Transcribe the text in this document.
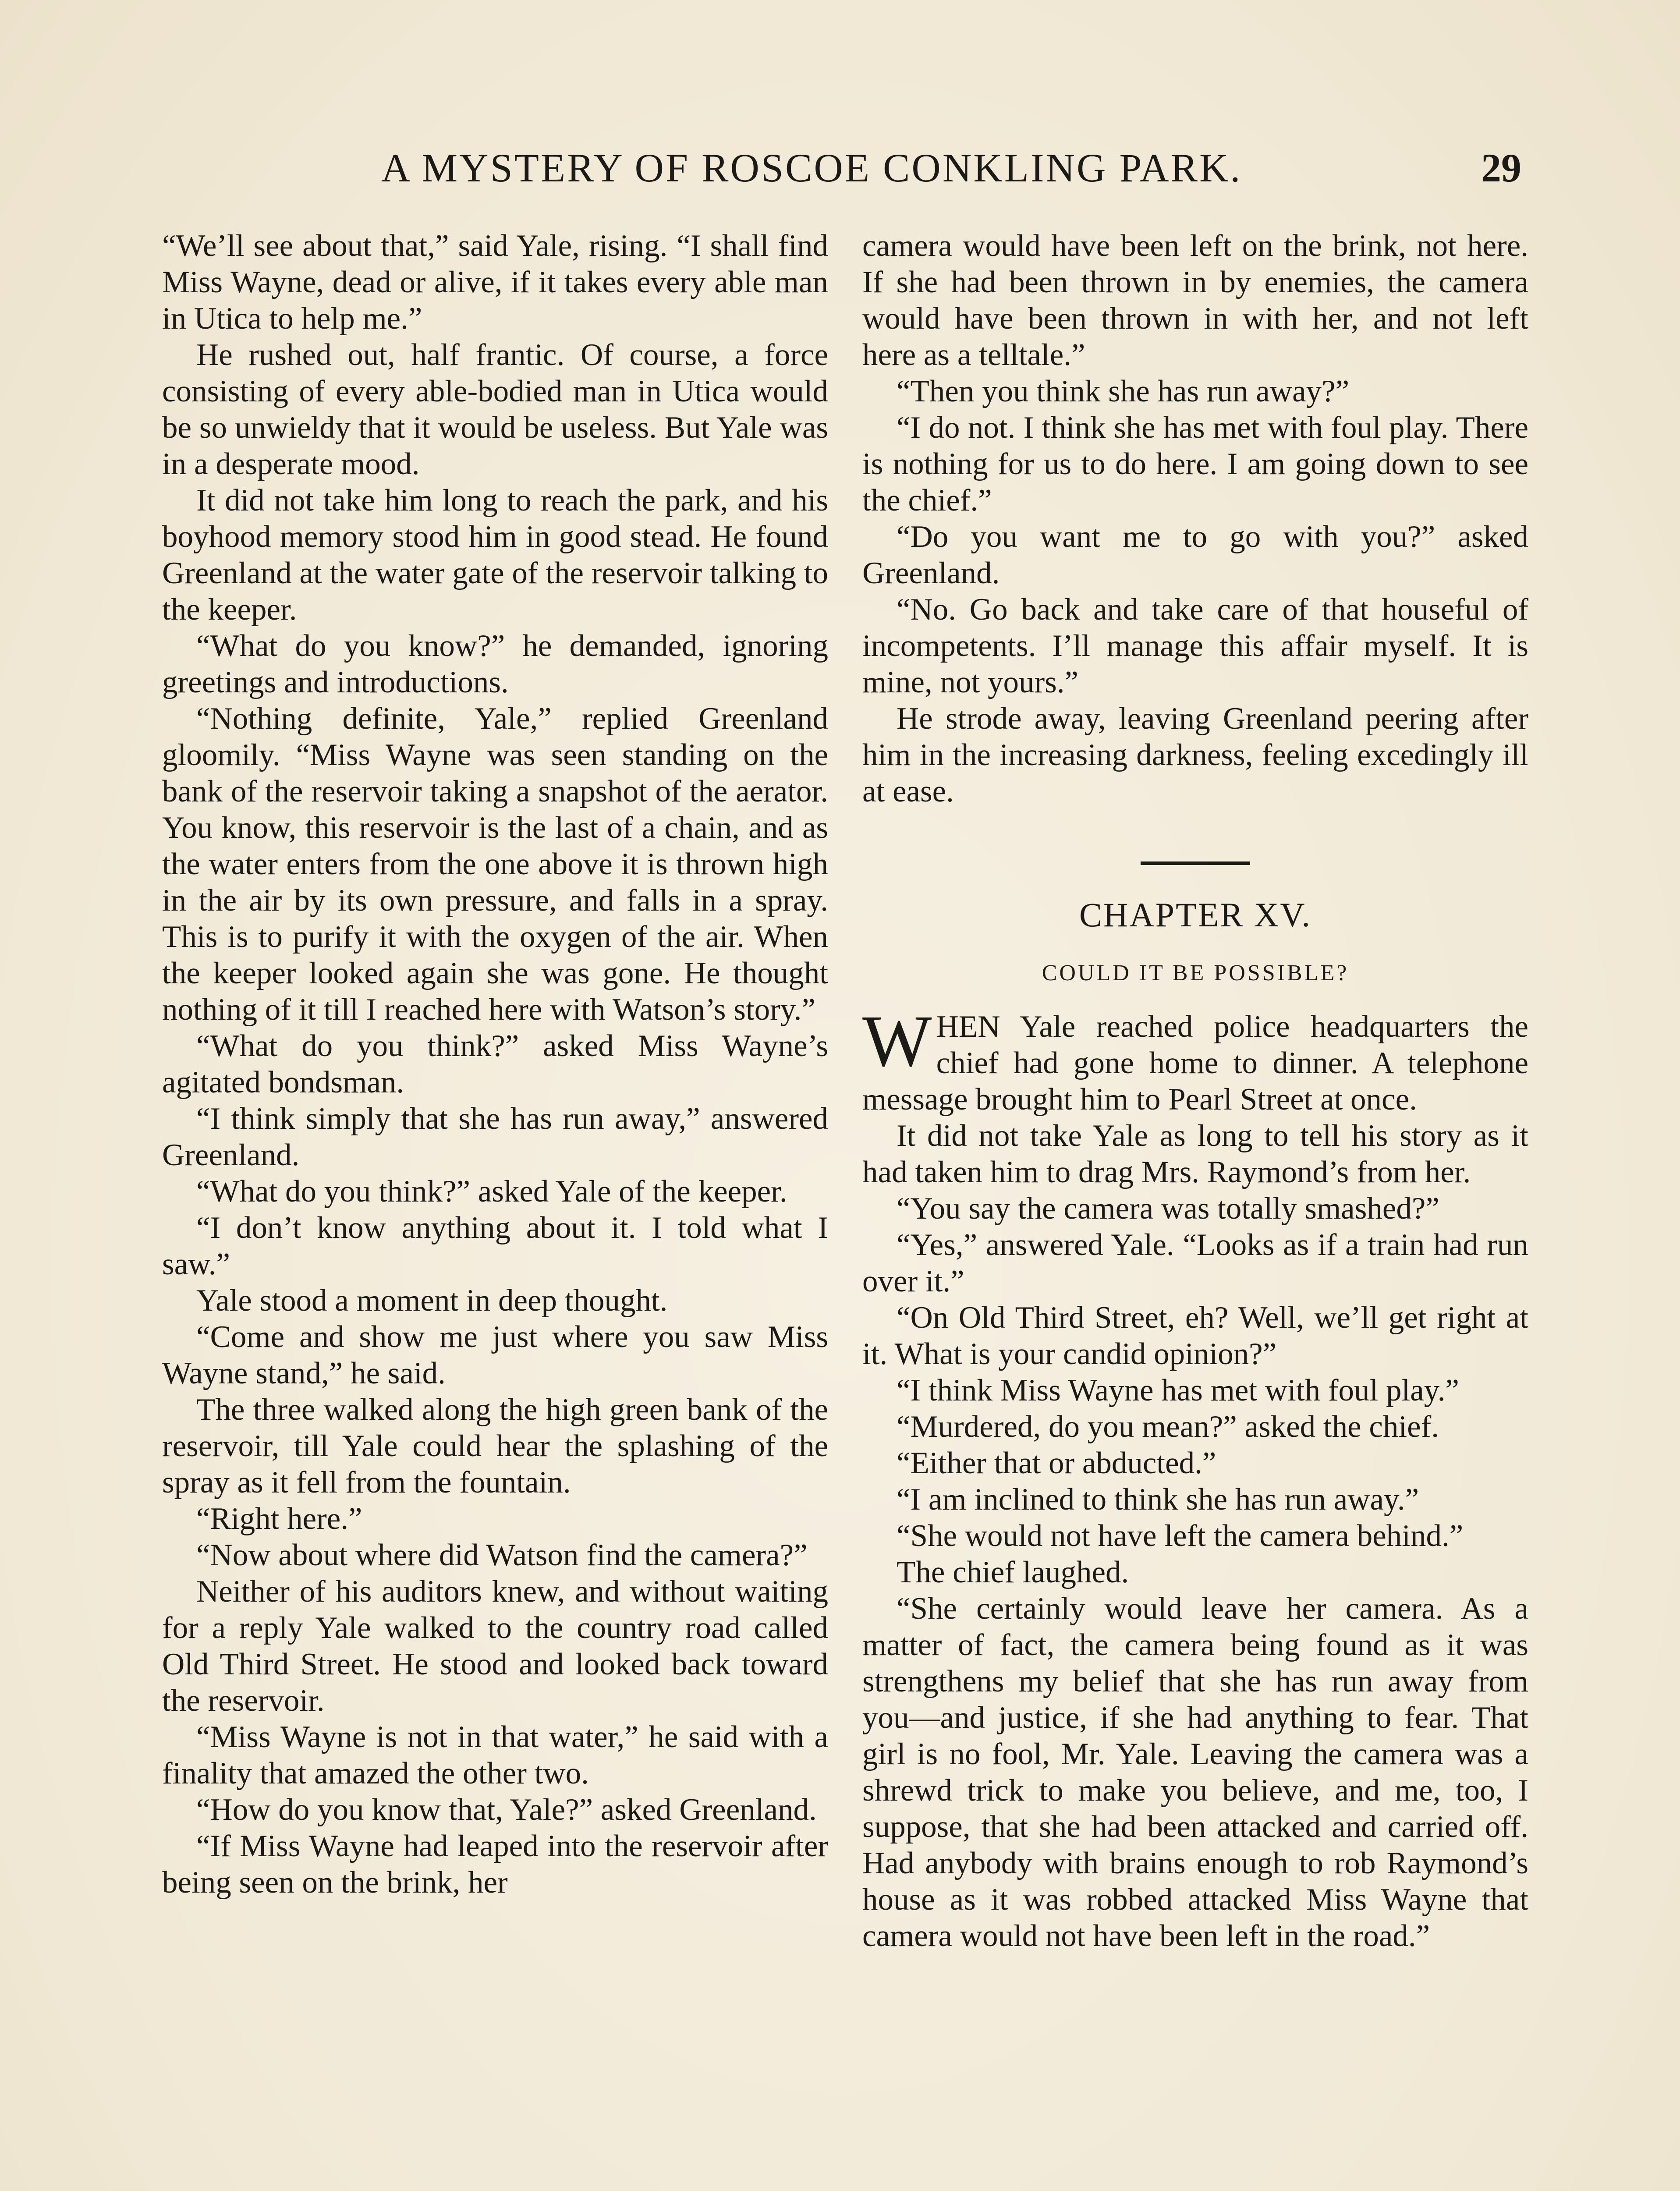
A MYSTERY OF ROSCOE CONKLING PARK.	29

“We’ll see about that,” said Yale, rising. “I shall find Miss Wayne, dead or alive, if it takes every able man in Utica to help me.”

He rushed out, half frantic. Of course, a force consisting of every able-bodied man in Utica would be so unwieldy that it would be useless. But Yale was in a desperate mood.

It did not take him long to reach the park, and his boyhood memory stood him in good stead. He found Greenland at the water gate of the reservoir talking to the keeper.

“What do you know?” he demanded, ignoring greetings and introductions.

“Nothing definite, Yale,” replied Greenland gloomily. “Miss Wayne was seen standing on the bank of the reservoir taking a snapshot of the aerator. You know, this reservoir is the last of a chain, and as the water enters from the one above it is thrown high in the air by its own pressure, and falls in a spray. This is to purify it with the oxygen of the air. When the keeper looked again she was gone. He thought nothing of it till I reached here with Watson’s story.”

“What do you think?” asked Miss Wayne’s agitated bondsman.

“I think simply that she has run away,” answered Greenland.

“What do you think?” asked Yale of the keeper.

“I don’t know anything about it. I told what I saw.”

Yale stood a moment in deep thought.

“Come and show me just where you saw Miss Wayne stand,” he said.

The three walked along the high green bank of the reservoir, till Yale could hear the splashing of the spray as it fell from the fountain.

“Right here.”

“Now about where did Watson find the camera?”

Neither of his auditors knew, and without waiting for a reply Yale walked to the country road called Old Third Street. He stood and looked back toward the reservoir.

“Miss Wayne is not in that water,” he said with a finality that amazed the other two.

“How do you know that, Yale?” asked Greenland.

“If Miss Wayne had leaped into the reservoir after being seen on the brink, her

camera would have been left on the brink, not here. If she had been thrown in by enemies, the camera would have been thrown in with her, and not left here as a telltale.”

“Then you think she has run away?”

“I do not. I think she has met with foul play. There is nothing for us to do here. I am going down to see the chief.”

“Do you want me to go with you?” asked Greenland.

“No. Go back and take care of that houseful of incompetents. I’ll manage this affair myself. It is mine, not yours.”

He strode away, leaving Greenland peering after him in the increasing darkness, feeling excedingly ill at ease.

CHAPTER XV.
COULD IT BE POSSIBLE?

WHEN Yale reached police headquarters the chief had gone home to dinner. A telephone message brought him to Pearl Street at once.

It did not take Yale as long to tell his story as it had taken him to drag Mrs. Raymond’s from her.

“You say the camera was totally smashed?”

“Yes,” answered Yale. “Looks as if a train had run over it.”

“On Old Third Street, eh? Well, we’ll get right at it. What is your candid opinion?”

“I think Miss Wayne has met with foul play.”

“Murdered, do you mean?” asked the chief.

“Either that or abducted.”

“I am inclined to think she has run away.”

“She would not have left the camera behind.”

The chief laughed.

“She certainly would leave her camera. As a matter of fact, the camera being found as it was strengthens my belief that she has run away from you—and justice, if she had anything to fear. That girl is no fool, Mr. Yale. Leaving the camera was a shrewd trick to make you believe, and me, too, I suppose, that she had been attacked and carried off. Had anybody with brains enough to rob Raymond’s house as it was robbed attacked Miss Wayne that camera would not have been left in the road.”
